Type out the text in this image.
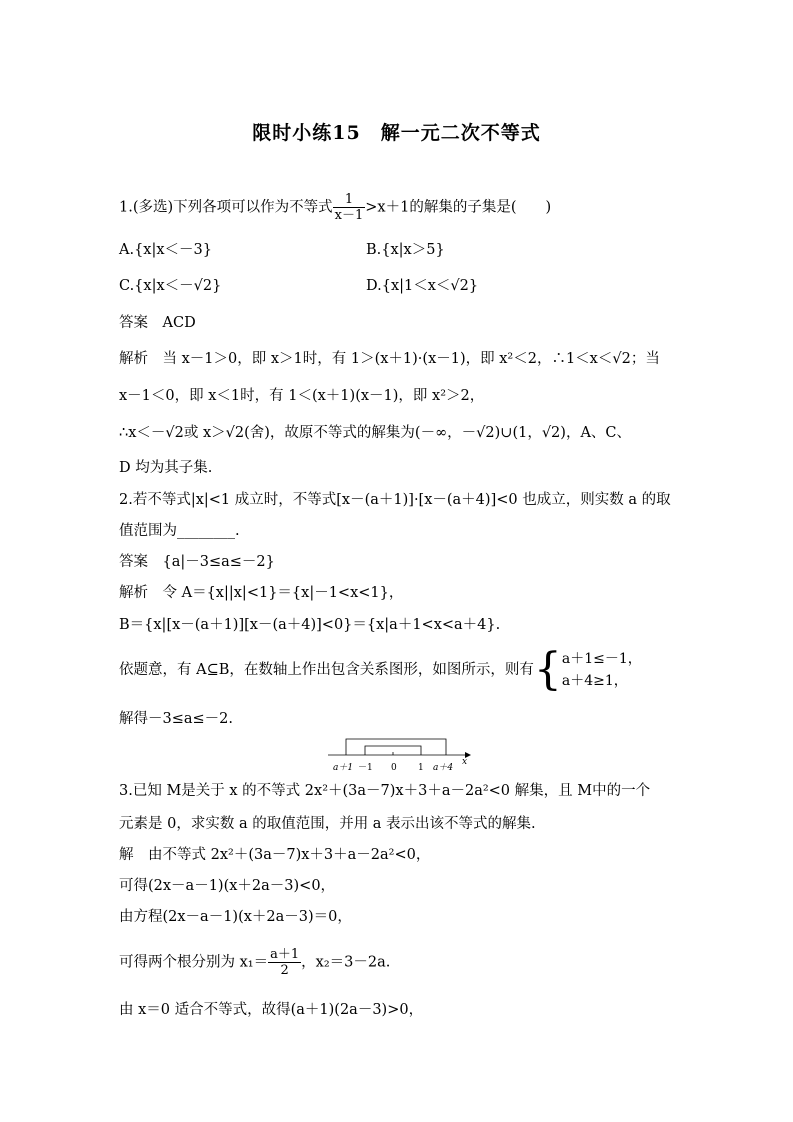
限时小练15　解一元二次不等式
1.(多选)下列各项可以作为不等式 $\frac{1}{x-1} >x+1$的解集的子集是(　　)
A.{x|x＜－3}	B.{x|x＞5}
C.{x|x＜－√2}	D.{x|1＜x＜√2}
答案　ACD
解析　当 x－1＞0，即 x＞1时，有 1＞(x＋1)·(x－1)，即 x²＜2，∴1＜x＜√2；当
x－1＜0，即 x＜1时，有 1＜(x＋1)(x－1)，即 x²＞2，
∴x＜－√2或 x＞√2(舍)，故原不等式的解集为(－∞，－√2)∪(1，√2)，A、C、
D 均为其子集.
2.若不等式|x|<1 成立时，不等式[x－(a＋1)]·[x－(a＋4)]<0 也成立，则实数 a 的取
值范围为________.
答案　{a|－3≤a≤－2}
解析　令 A＝{x||x|<1}＝{x|－1<x<1}，
B＝{x|[x－(a＋1)][x－(a＋4)]<0}＝{x|a＋1<x<a＋4}.
依题意，有 A⊆B，在数轴上作出包含关系图形，如图所示，则有{ a＋1≤－1，
a＋4≥1，
解得－3≤a≤－2.
a＋1 －1 0 1 a＋4
x
3.已知 M是关于 x 的不等式 2x²＋(3a－7)x＋3＋a－2a²<0 解集，且 M中的一个
元素是 0，求实数 a 的取值范围，并用 a 表示出该不等式的解集.
解　由不等式 2x²＋(3a－7)x＋3＋a－2a²<0，
可得(2x－a－1)(x＋2a－3)<0，
由方程(2x－a－1)(x＋2a－3)＝0，
可得两个根分别为 $x_1= \frac{a+1}{2}$ ，x₂＝3－2a.
由 x＝0 适合不等式，故得(a＋1)(2a－3)>0，
